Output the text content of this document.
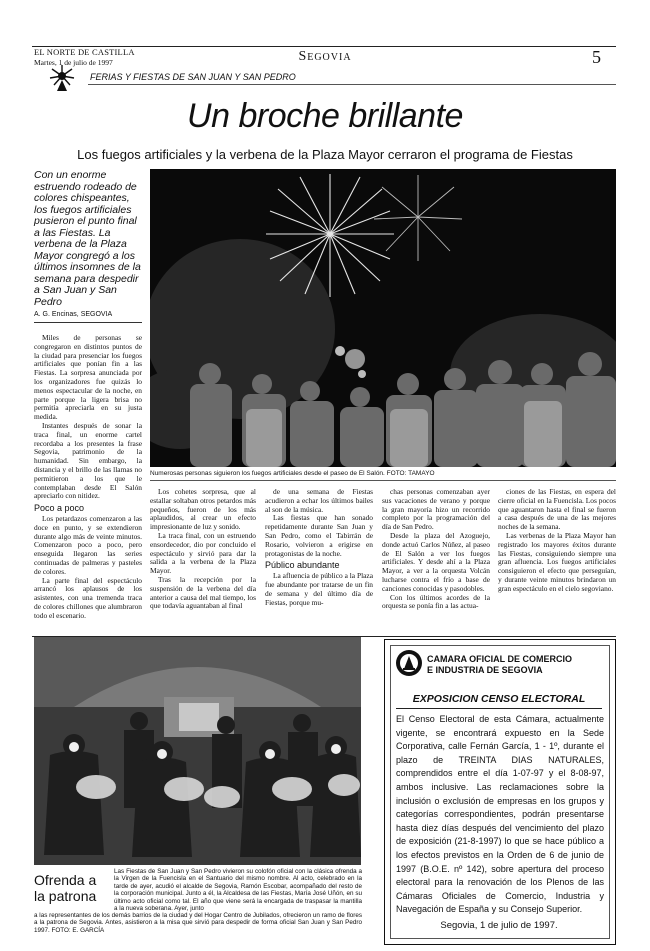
EL NORTE DE CASTILLA
Martes, 1 de julio de 1997	Segovia	5
FERIAS Y FIESTAS DE SAN JUAN Y SAN PEDRO
Un broche brillante
Los fuegos artificiales y la verbena de la Plaza Mayor cerraron el programa de Fiestas
Con un enorme estruendo rodeado de colores chispeantes, los fuegos artificiales pusieron el punto final a las Fiestas. La verbena de la Plaza Mayor congregó a los últimos insomnes de la semana para despedir a San Juan y San Pedro
A. G. Encinas, SEGOVIA
Numerosas personas siguieron los fuegos artificiales desde el paseo de El Salón. FOTO: TAMAYO

Miles de personas se congregaron en distintos puntos de la ciudad para presenciar los fuegos artificiales que ponían fin a las Fiestas. La sorpresa anunciada por los organizadores fue quizás lo menos espectacular de la noche, en parte porque la ligera brisa no permitía apreciarla en su justa medida.

Instantes después de sonar la traca final, un enorme cartel recordaba a los presentes la frase Segovia, patrimonio de la humanidad. Sin embargo, la distancia y el brillo de las llamas no permitieron a los que le contemplaban desde El Salón apreciarlo con nitidez.

Poco a poco

Los petardazos comenzaron a las doce en punto, y se extendieron durante algo más de veinte minutos. Comenzaron poco a poco, pero enseguida llegaron las series continuadas de palmeras y pasteles de colores.

La parte final del espectáculo arrancó los aplausos de los asistentes, con una tremenda traca de colores chillones que alumbraron todo el escenario.

Los cohetes sorpresa, que al estallar soltaban otros petardos más pequeños, fueron de los más aplaudidos, al crear un efecto impresionante de luz y sonido.

La traca final, con un estruendo ensordecedor, dio por concluido el espectáculo y sirvió para dar la salida a la verbena de la Plaza Mayor.

Tras la recepción por la suspensión de la verbena del día anterior a causa del mal tiempo, los que todavía aguantaban al final

de una semana de Fiestas acudieron a echar los últimos bailes al son de la música.

Las fiestas que han sonado repetidamente durante San Juan y San Pedro, como el Tabirrán de Rosario, volvieron a erigirse en protagonistas de la noche.

Público abundante

La afluencia de público a la Plaza fue abundante por tratarse de un fin de semana y del último día de Fiestas, porque mu-

chas personas comenzaban ayer sus vacaciones de verano y porque la gran mayoría hizo un recorrido completo por la programación del día de San Pedro.

Desde la plaza del Azoguejo, donde actuó Carlos Núñez, al paseo de El Salón a ver los fuegos artificiales. Y desde ahí a la Plaza Mayor, a ver a la orquesta Volcán lucharse contra el frío a base de canciones conocidas y pasodobles.

Con los últimos acordes de la orquesta se ponía fin a las actua-

ciones de las Fiestas, en espera del cierre oficial en la Fuencisla. Los pocos que aguantaron hasta el final se fueron a casa después de una de las mejores noches de la semana.

Las verbenas de la Plaza Mayor han registrado los mayores éxitos durante las Fiestas, consiguiendo siempre una gran afluencia. Los fuegos artificiales consiguieron el efecto que perseguían, y durante veinte minutos brindaron un gran espectáculo en el cielo segoviano.

Ofrenda a la patrona
Las Fiestas de San Juan y San Pedro vivieron su colofón oficial con la clásica ofrenda a la Virgen de la Fuencisla en el Santuario del mismo nombre. Al acto, celebrado en la tarde de ayer, acudió el alcalde de Segovia, Ramón Escobar, acompañado del resto de la corporación municipal. Junto a él, la Alcaldesa de las Fiestas, María José Uñón, en su último acto oficial como tal. El año que viene será la encargada de traspasar la mantilla a la nueva soberana. Ayer, junto
a las representantes de los demás barrios de la ciudad y del Hogar Centro de Jubilados, ofrecieron un ramo de flores a la patrona de Segovia. Antes, asistieron a la misa que sirvió para despedir de forma oficial San Juan y San Pedro 1997. FOTO: E. GARCÍA
CAMARA OFICIAL DE COMERCIO
E INDUSTRIA DE SEGOVIA
EXPOSICION CENSO ELECTORAL
El Censo Electoral de esta Cámara, actualmente vigente, se encontrará expuesto en la Sede Corporativa, calle Fernán García, 1 - 1º, durante el plazo de TREINTA DIAS NATURALES, comprendidos entre el día 1-07-97 y el 8-08-97, ambos inclusive. Las reclamaciones sobre la inclusión o exclusión de empresas en los grupos y categorías correspondientes, podrán presentarse hasta diez días después del vencimiento del plazo de exposición (21-8-1997) lo que se hace público a los efectos previstos en la Orden de 6 de junio de 1997 (B.O.E. nº 142), sobre apertura del proceso electoral para la renovación de los Plenos de las Cámaras Oficiales de Comercio, Industria y Navegación de España y su Consejo Superior.
Segovia, 1 de julio de 1997.
